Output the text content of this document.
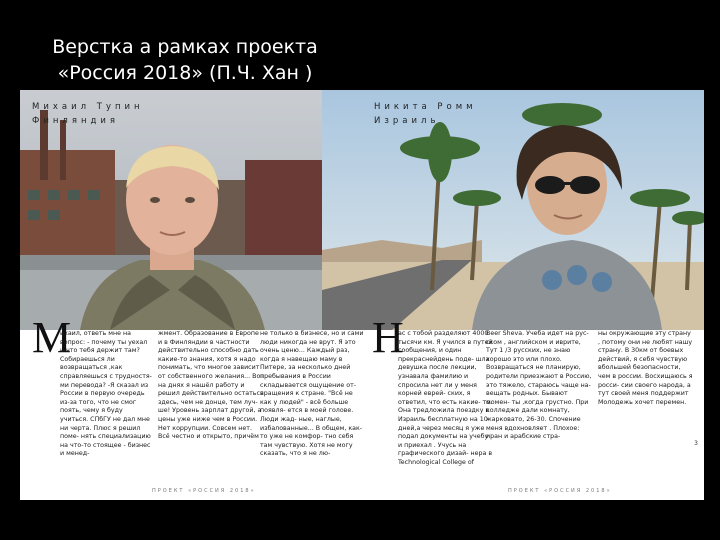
Верстка а рамках проекта
«Россия 2018» (П.Ч. Хан )
Михаил Тупин
Финляндия
Никита Ромм
Израиль
М

ихаил, ответь мне на вопрос: - почему ты уехал и что тебя держит там? Собираешься ли возвращаться ,как справляешься с трудностя- ми перевода? -Я сказал из России в первую очередь из-за того, что не смог поять, чему я буду учиться. СПбГУ не дал мне ни черта. Плюс я решил поме- нять специализацию на что-то стоящее - бизнес и менед-

жмент. Образование в Европе и в Финляндии в частности действительно способно дать какие-то знания, хотя я надо понимать, что многое зависит от собственного желания... Вот на днях я нашёл работу и решил действительно остаться здесь, чем не донце, тем луч- ше! Уровень зарплат другой, а цены уже ниже чем в России. Нет коррупции. Совсем нет. Всё честно и открыто, причём

не только в бизнесе, но и сами люди никогда не врут. Я это очень ценю... Каждый раз, когда я навещаю маму в Питере, за несколько дней пребывания в России складывается ощущение от- вращения к стране. "Всё не как у людей" - всё больше появля- ется в моей голове. Люди жад- ные, наглые, избалованные... В общем, как-то уже не комфор- тно себя там чувствую. Хотя не могу сказать, что я не лю-

ПРОЕКТ «РОССИЯ 2018»
Н

ас с тобой разделяют 4000 тысячи км. Я учился в путей сообщения, и один прекраснейдень поде- шла девушка после лекции, узнавала фамилию и спросила нет ли у меня корней еврей- ских, я ответил, что есть какие- то. Она тредложила поездку в Израиль бесплатную на 10 дней,а через месяц я уже подал документы на учебу и приехал . Учусь на графического дизай- нера в Technological College of

Beer Sheva. Учеба идет на рус- ском , английском и иврите, Тут 1 /3 русских, не знаю хорошо это или плохо. Возвращаться не планирую, родители приезжают в Россию, это тяжело, стараюсь чаще на- вещать родных. Бывают момен- ты ,когда грустно. Пpи колледже дали комнату, жарковато, 26-30. Спочение меня вдохновляет . Плохое: иран и арабские стра-

ны окружающие эту страну , потому они не любят нашу страну. В 30км от боевых действий, я себя чувствую вбольшей безопасности, чем в россии. Восхищаюсь я росси- сии своего народа, а тут своей меня поддержит Молодежь хочет перемен.

ПРОЕКТ «РОССИЯ 2018»
3
